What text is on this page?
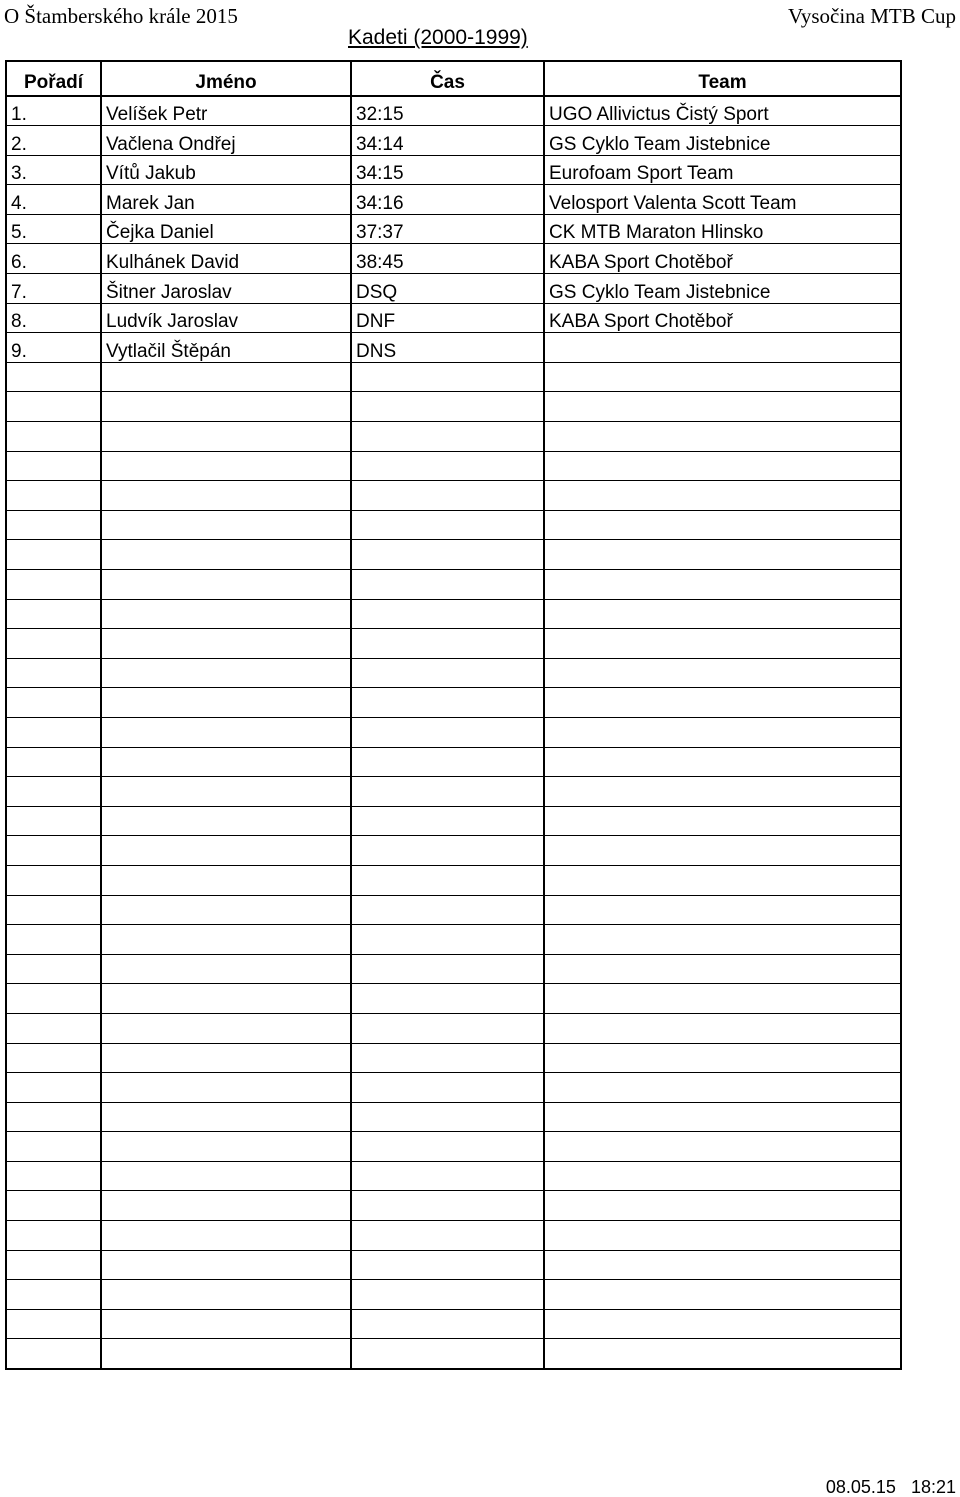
O Štamberského krále 2015	Vysočina MTB Cup
Kadeti (2000-1999)
Pořadí	Jméno	Čas	Team
1.	Velíšek Petr	32:15	UGO Allivictus Čistý Sport
2.	Vačlena Ondřej	34:14	GS Cyklo Team Jistebnice
3.	Vítů Jakub	34:15	Eurofoam Sport Team
4.	Marek Jan	34:16	Velosport Valenta Scott Team
5.	Čejka Daniel	37:37	CK MTB Maraton Hlinsko
6.	Kulhánek David	38:45	KABA Sport Chotěboř
7.	Šitner Jaroslav	DSQ	GS Cyklo Team Jistebnice
8.	Ludvík Jaroslav	DNF	KABA Sport Chotěboř
9.	Vytlačil Štěpán	DNS	

08.05.15   18:21
